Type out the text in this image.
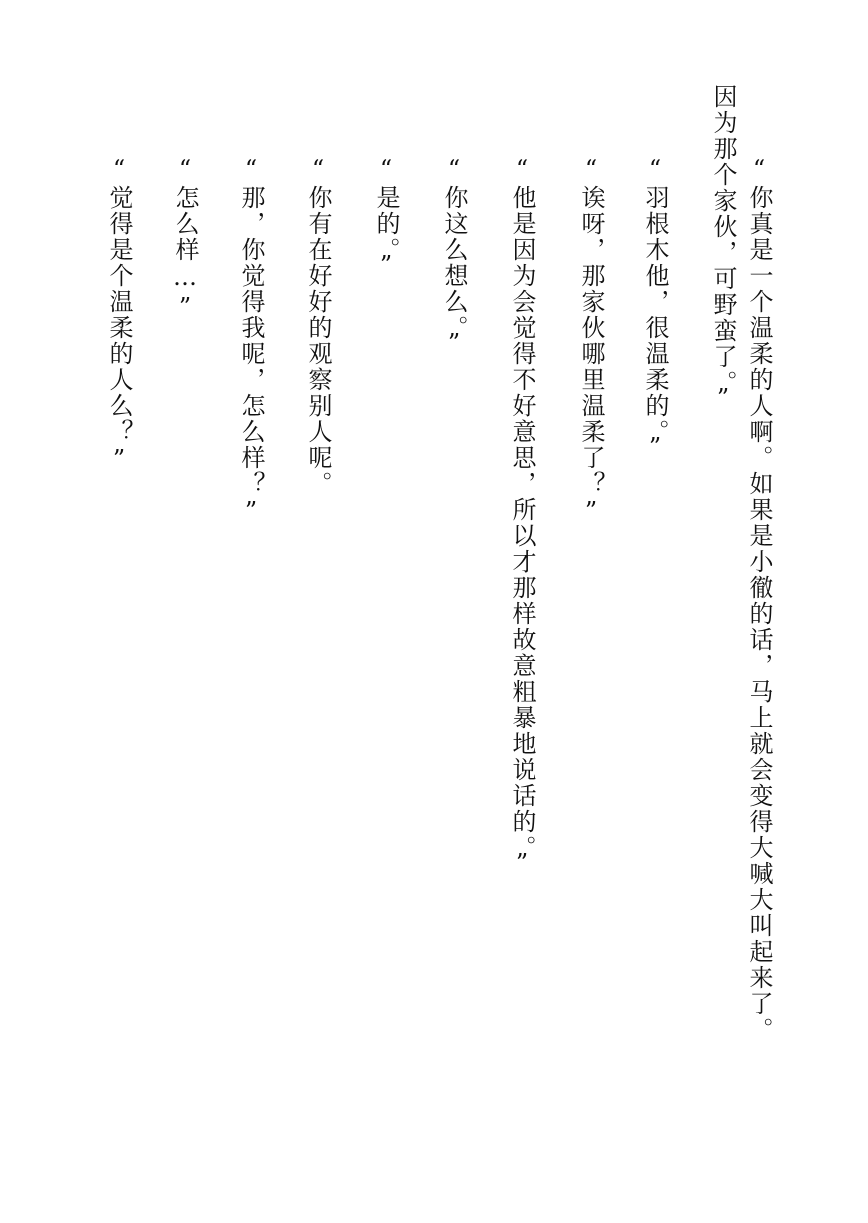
“你真是一个温柔的人啊。如果是小徹的话，马上就会变得大喊大叫起来了。
因为那个家伙，可野蛮了。”
“羽根木他，很温柔的。”
“诶呀，那家伙哪里温柔了？”
“他是因为会觉得不好意思，所以才那样故意粗暴地说话的。”
“你这么想么。”
“是的。”
“你有在好好的观察别人呢。
“那，你觉得我呢，怎么样？”
“怎么样…”
“觉得是个温柔的人么？”
